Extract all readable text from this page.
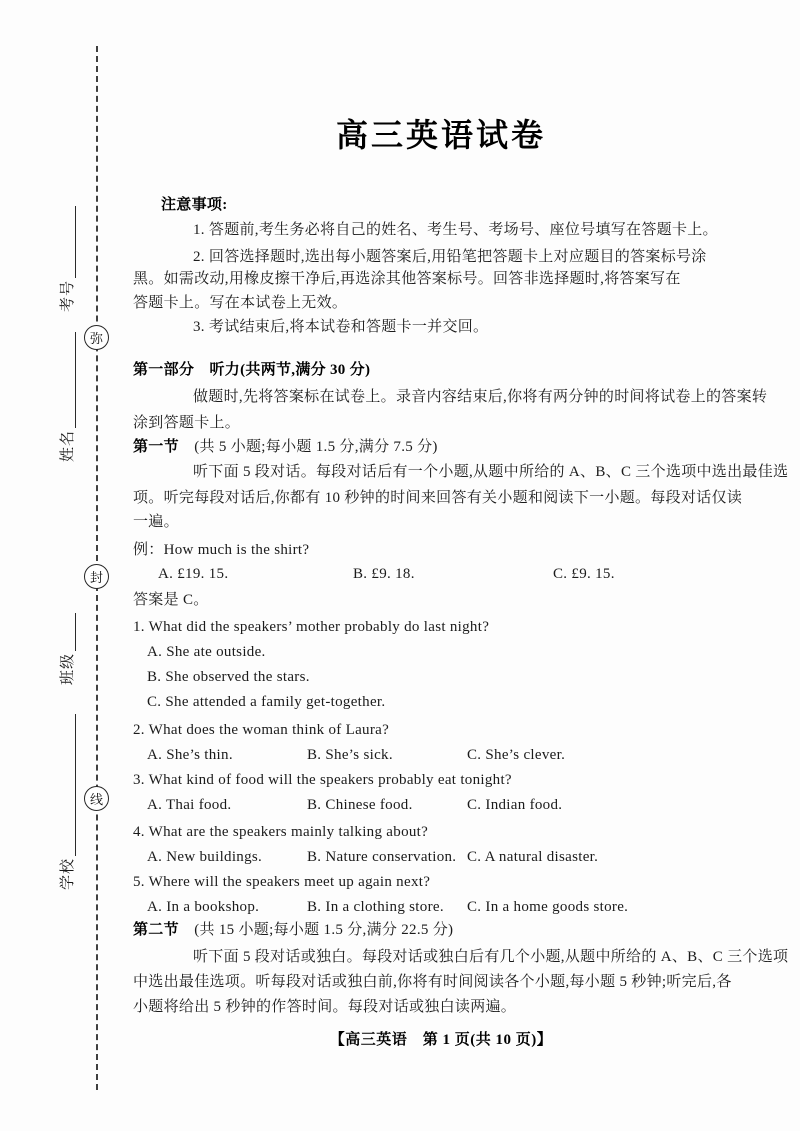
考号
姓名
班级
学校
弥
封
线
高三英语试卷
注意事项:
1. 答题前,考生务必将自己的姓名、考生号、考场号、座位号填写在答题卡上。
2. 回答选择题时,选出每小题答案后,用铅笔把答题卡上对应题目的答案标号涂
黑。如需改动,用橡皮擦干净后,再选涂其他答案标号。回答非选择题时,将答案写在
答题卡上。写在本试卷上无效。
3. 考试结束后,将本试卷和答题卡一并交回。
第一部分　听力(共两节,满分 30 分)
做题时,先将答案标在试卷上。录音内容结束后,你将有两分钟的时间将试卷上的答案转
涂到答题卡上。
第一节　(共 5 小题;每小题 1.5 分,满分 7.5 分)
听下面 5 段对话。每段对话后有一个小题,从题中所给的 A、B、C 三个选项中选出最佳选
项。听完每段对话后,你都有 10 秒钟的时间来回答有关小题和阅读下一小题。每段对话仅读
一遍。
例：How much is the shirt?
A. £19. 15.	B. £9. 18.	C. £9. 15.
答案是 C。
1. What did the speakers’ mother probably do last night?
A. She ate outside.
B. She observed the stars.
C. She attended a family get-together.
2. What does the woman think of Laura?
A. She’s thin.	B. She’s sick.	C. She’s clever.
3. What kind of food will the speakers probably eat tonight?
A. Thai food.	B. Chinese food.	C. Indian food.
4. What are the speakers mainly talking about?
A. New buildings.	B. Nature conservation. C. A natural disaster.
5. Where will the speakers meet up again next?
A. In a bookshop.	B. In a clothing store. C. In a home goods store.
第二节　(共 15 小题;每小题 1.5 分,满分 22.5 分)
听下面 5 段对话或独白。每段对话或独白后有几个小题,从题中所给的 A、B、C 三个选项
中选出最佳选项。听每段对话或独白前,你将有时间阅读各个小题,每小题 5 秒钟;听完后,各
小题将给出 5 秒钟的作答时间。每段对话或独白读两遍。
【高三英语　第 1 页(共 10 页)】
